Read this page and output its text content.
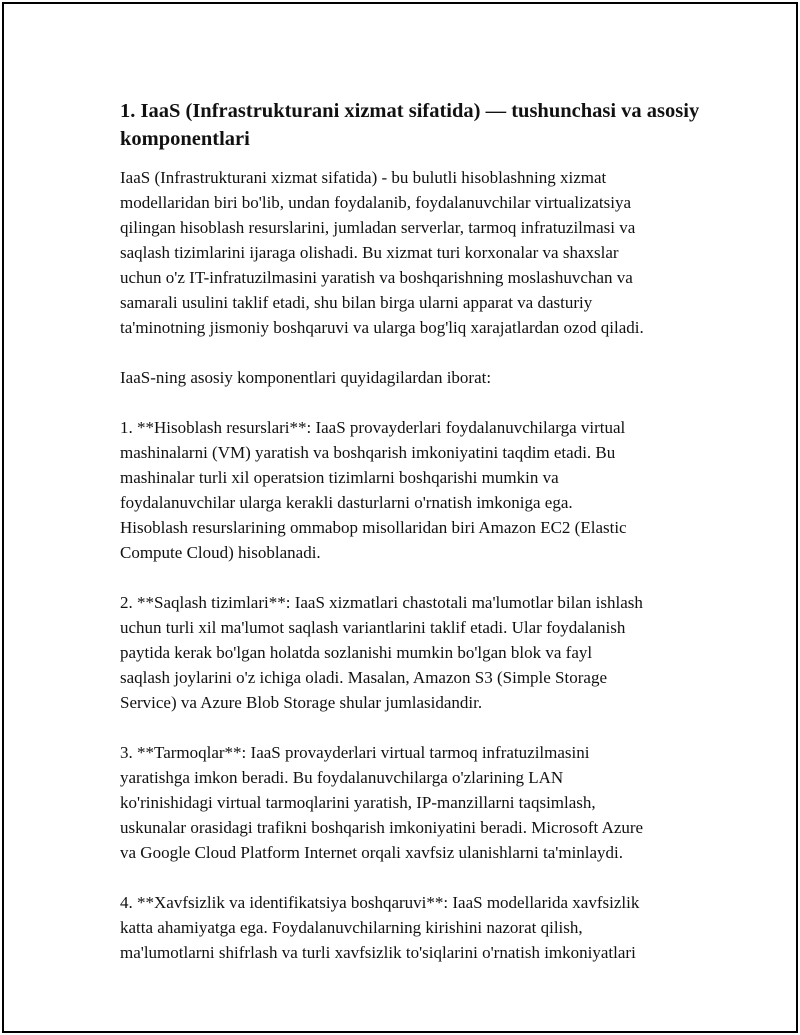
1. IaaS (Infrastrukturani xizmat sifatida) — tushunchasi va asosiy komponentlari

IaaS (Infrastrukturani xizmat sifatida) - bu bulutli hisoblashning xizmat
modellaridan biri bo'lib, undan foydalanib, foydalanuvchilar virtualizatsiya
qilingan hisoblash resurslarini, jumladan serverlar, tarmoq infratuzilmasi va
saqlash tizimlarini ijaraga olishadi. Bu xizmat turi korxonalar va shaxslar
uchun o'z IT-infratuzilmasini yaratish va boshqarishning moslashuvchan va
samarali usulini taklif etadi, shu bilan birga ularni apparat va dasturiy
ta'minotning jismoniy boshqaruvi va ularga bog'liq xarajatlardan ozod qiladi.

IaaS-ning asosiy komponentlari quyidagilardan iborat:

1. **Hisoblash resurslari**: IaaS provayderlari foydalanuvchilarga virtual
mashinalarni (VM) yaratish va boshqarish imkoniyatini taqdim etadi. Bu
mashinalar turli xil operatsion tizimlarni boshqarishi mumkin va
foydalanuvchilar ularga kerakli dasturlarni o'rnatish imkoniga ega.
Hisoblash resurslarining ommabop misollaridan biri Amazon EC2 (Elastic
Compute Cloud) hisoblanadi.

2. **Saqlash tizimlari**: IaaS xizmatlari chastotali ma'lumotlar bilan ishlash
uchun turli xil ma'lumot saqlash variantlarini taklif etadi. Ular foydalanish
paytida kerak bo'lgan holatda sozlanishi mumkin bo'lgan blok va fayl
saqlash joylarini o'z ichiga oladi. Masalan, Amazon S3 (Simple Storage
Service) va Azure Blob Storage shular jumlasidandir.

3. **Tarmoqlar**: IaaS provayderlari virtual tarmoq infratuzilmasini
yaratishga imkon beradi. Bu foydalanuvchilarga o'zlarining LAN
ko'rinishidagi virtual tarmoqlarini yaratish, IP-manzillarni taqsimlash,
uskunalar orasidagi trafikni boshqarish imkoniyatini beradi. Microsoft Azure
va Google Cloud Platform Internet orqali xavfsiz ulanishlarni ta'minlaydi.

4. **Xavfsizlik va identifikatsiya boshqaruvi**: IaaS modellarida xavfsizlik
katta ahamiyatga ega. Foydalanuvchilarning kirishini nazorat qilish,
ma'lumotlarni shifrlash va turli xavfsizlik to'siqlarini o'rnatish imkoniyatlari
